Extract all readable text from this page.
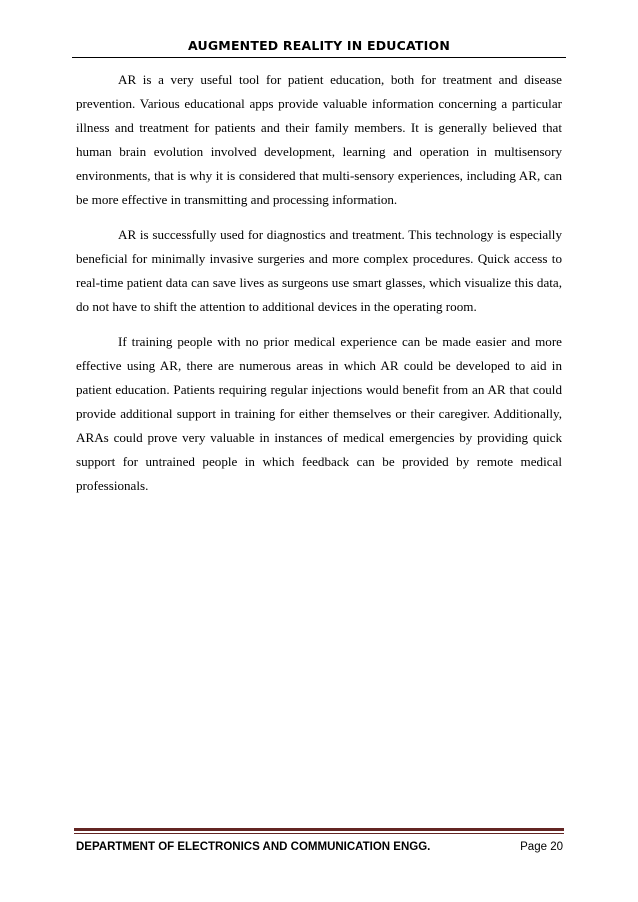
AUGMENTED REALITY IN EDUCATION

AR is a very useful tool for patient education, both for treatment and disease prevention. Various educational apps provide valuable information concerning a particular illness and treatment for patients and their family members. It is generally believed that human brain evolution involved development, learning and operation in multisensory environments, that is why it is considered that multi-sensory experiences, including AR, can be more effective in transmitting and processing information.

AR is successfully used for diagnostics and treatment. This technology is especially beneficial for minimally invasive surgeries and more complex procedures. Quick access to real-time patient data can save lives as surgeons use smart glasses, which visualize this data, do not have to shift the attention to additional devices in the operating room.

If training people with no prior medical experience can be made easier and more effective using AR, there are numerous areas in which AR could be developed to aid in patient education. Patients requiring regular injections would benefit from an AR that could provide additional support in training for either themselves or their caregiver. Additionally, ARAs could prove very valuable in instances of medical emergencies by providing quick support for untrained people in which feedback can be provided by remote medical professionals.

DEPARTMENT OF ELECTRONICS AND COMMUNICATION ENGG.	Page 20
